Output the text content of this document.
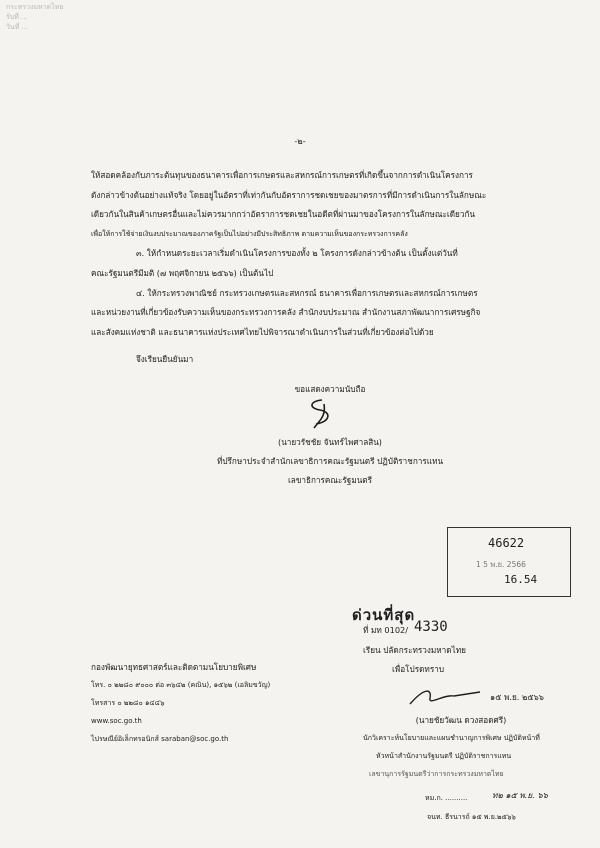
กระทรวงมหาดไทย
รับที่ ...
วันที่ ...
-๒-
ให้สอดคล้องกับภาระต้นทุนของธนาคารเพื่อการเกษตรและสหกรณ์การเกษตรที่เกิดขึ้นจากการดำเนินโครงการ
ดังกล่าวข้างต้นอย่างแท้จริง โดยอยู่ในอัตราที่เท่ากันกับอัตราการชดเชยของมาตรการที่มีการดำเนินการในลักษณะ
เดียวกันในสินค้าเกษตรอื่นและไม่ควรมากกว่าอัตราการชดเชยในอดีตที่ผ่านมาของโครงการในลักษณะเดียวกัน
เพื่อให้การใช้จ่ายเงินงบประมาณของภาครัฐเป็นไปอย่างมีประสิทธิภาพ ตามความเห็นของกระทรวงการคลัง
๓. ให้กำหนดระยะเวลาเริ่มดำเนินโครงการของทั้ง ๒ โครงการดังกล่าวข้างต้น เป็นตั้งแต่วันที่
คณะรัฐมนตรีมีมติ (๗ พฤศจิกายน ๒๕๖๖) เป็นต้นไป
๔. ให้กระทรวงพาณิชย์ กระทรวงเกษตรและสหกรณ์ ธนาคารเพื่อการเกษตรและสหกรณ์การเกษตร
และหน่วยงานที่เกี่ยวข้องรับความเห็นของกระทรวงการคลัง สำนักงบประมาณ สำนักงานสภาพัฒนาการเศรษฐกิจ
และสังคมแห่งชาติ และธนาคารแห่งประเทศไทยไปพิจารณาดำเนินการในส่วนที่เกี่ยวข้องต่อไปด้วย
จึงเรียนยืนยันมา
ขอแสดงความนับถือ
(นายวรัชชัย จันทร์ไพศาลสิน)
ที่ปรึกษาประจำสำนักเลขาธิการคณะรัฐมนตรี ปฏิบัติราชการแทน
เลขาธิการคณะรัฐมนตรี
46622
1 5 พ.ย. 2566
16.54
ด่วนที่สุด
ที่ มท 0102/ 4330
เรียน ปลัดกระทรวงมหาดไทย
เพื่อโปรดทราบ
๑๕ พ.ย. ๒๕๖๖
(นายชัยวัฒน ดวงสอดศรี)
นักวิเคราะห์นโยบายและแผนชำนาญการพิเศษ ปฏิบัติหน้าที่
หัวหน้าสำนักงานรัฐมนตรี ปฏิบัติราชการแทน
เลขานุการรัฐมนตรีว่าการกระทรวงมหาดไทย
หม.ก. ..........	ท๒ ๑๕ พ.ย. ๖๖
จนท. ธีรนารถ์ ๑๕ พ.ย.๒๕๖๖
กองพัฒนายุทธศาสตร์และติดตามนโยบายพิเศษ
โทร. ๐ ๒๒๘๐ ๙๐๐๐ ต่อ ๓๖๔๒ (คณิน), ๑๕๖๒ (เอลิมขวัญ)
โทรสาร ๐ ๒๒๘๐ ๑๔๔๖
www.soc.go.th
ไปรษณีย์อิเล็กทรอนิกส์ saraban@soc.go.th
